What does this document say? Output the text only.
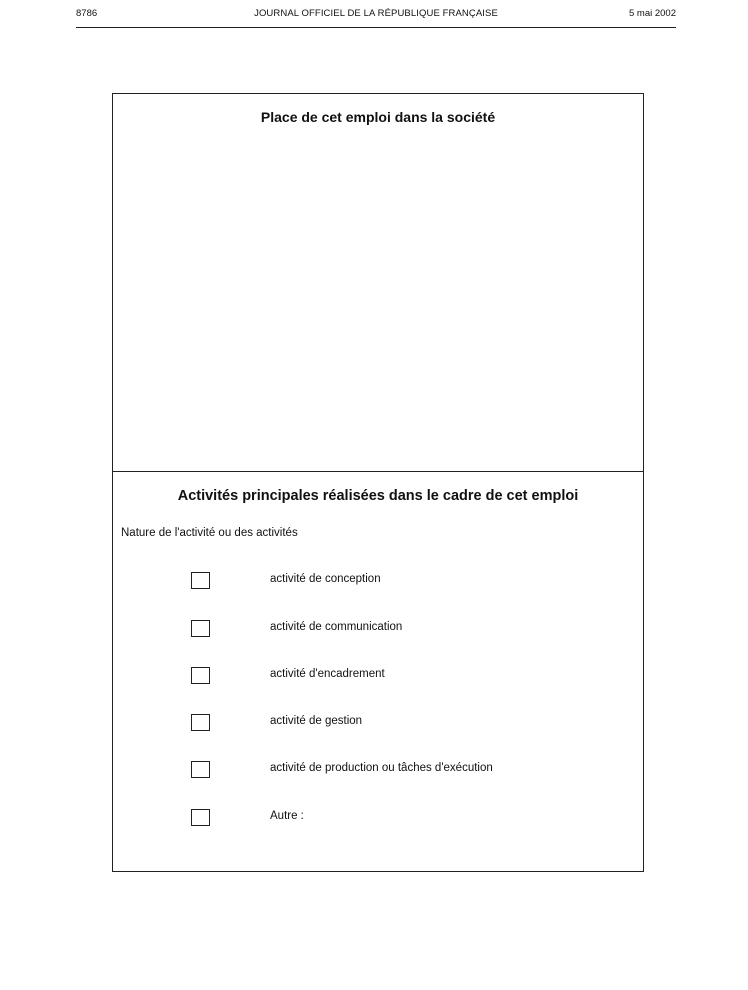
8786	JOURNAL OFFICIEL DE LA RÉPUBLIQUE FRANÇAISE	5 mai 2002
Place de cet emploi dans la société
Activités principales réalisées dans le cadre de cet emploi
Nature de l'activité ou des activités
activité de conception
activité de communication
activité d'encadrement
activité de gestion
activité de production ou tâches d'exécution
Autre :
